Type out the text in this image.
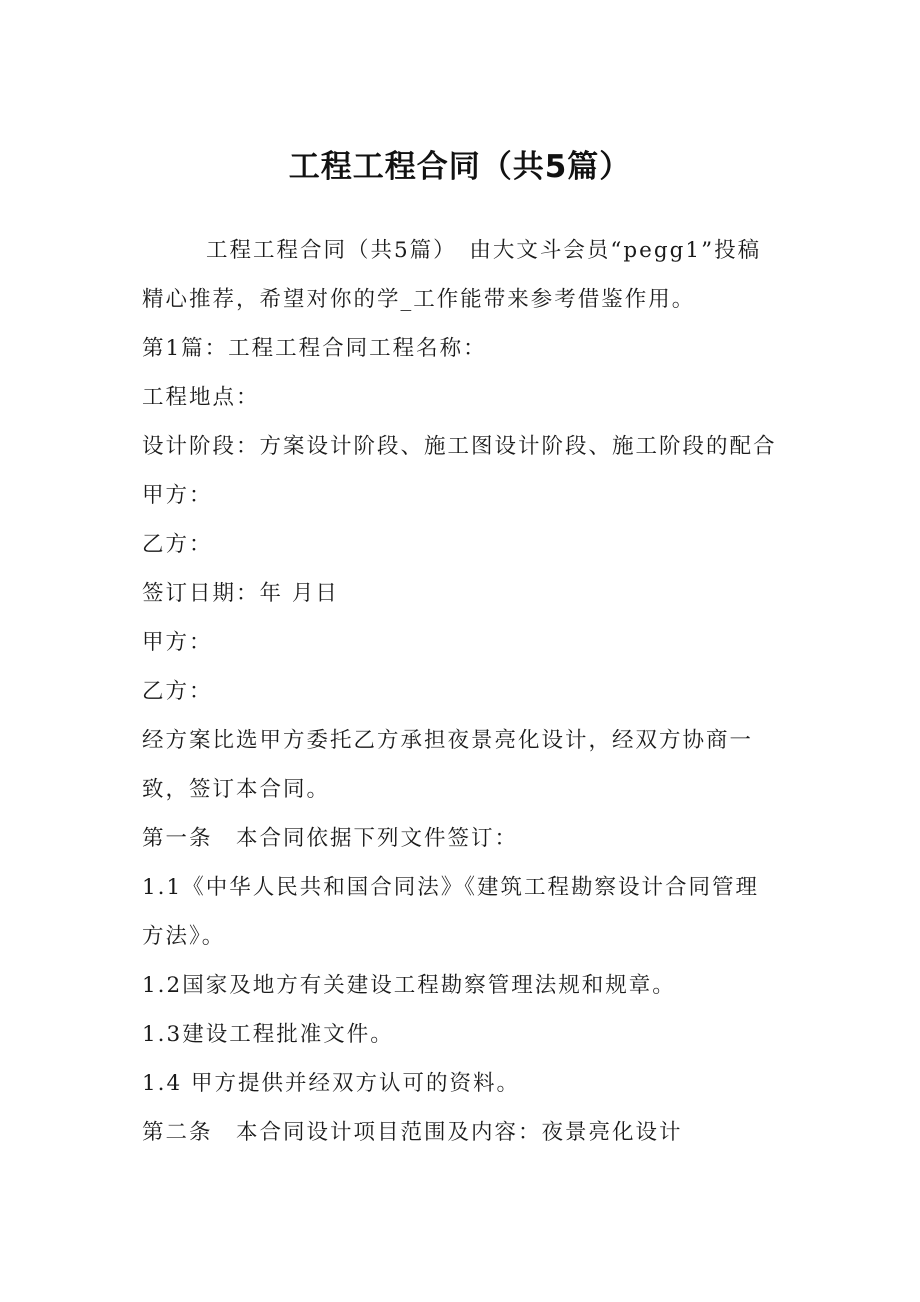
工程工程合同（共5篇）

工程工程合同（共5篇）　由大文斗会员“pegg1”投稿精心推荐，希望对你的学_工作能带来参考借鉴作用。

第1篇：工程工程合同工程名称：

工程地点：

设计阶段：方案设计阶段、施工图设计阶段、施工阶段的配合

甲方：

乙方：

签订日期：年 月日

甲方：

乙方：

经方案比选甲方委托乙方承担夜景亮化设计，经双方协商一致，签订本合同。

第一条　本合同依据下列文件签订：

1.1《中华人民共和国合同法》《建筑工程勘察设计合同管理方法》。

1.2国家及地方有关建设工程勘察管理法规和规章。

1.3建设工程批准文件。

1.4 甲方提供并经双方认可的资料。

第二条　本合同设计项目范围及内容：夜景亮化设计
